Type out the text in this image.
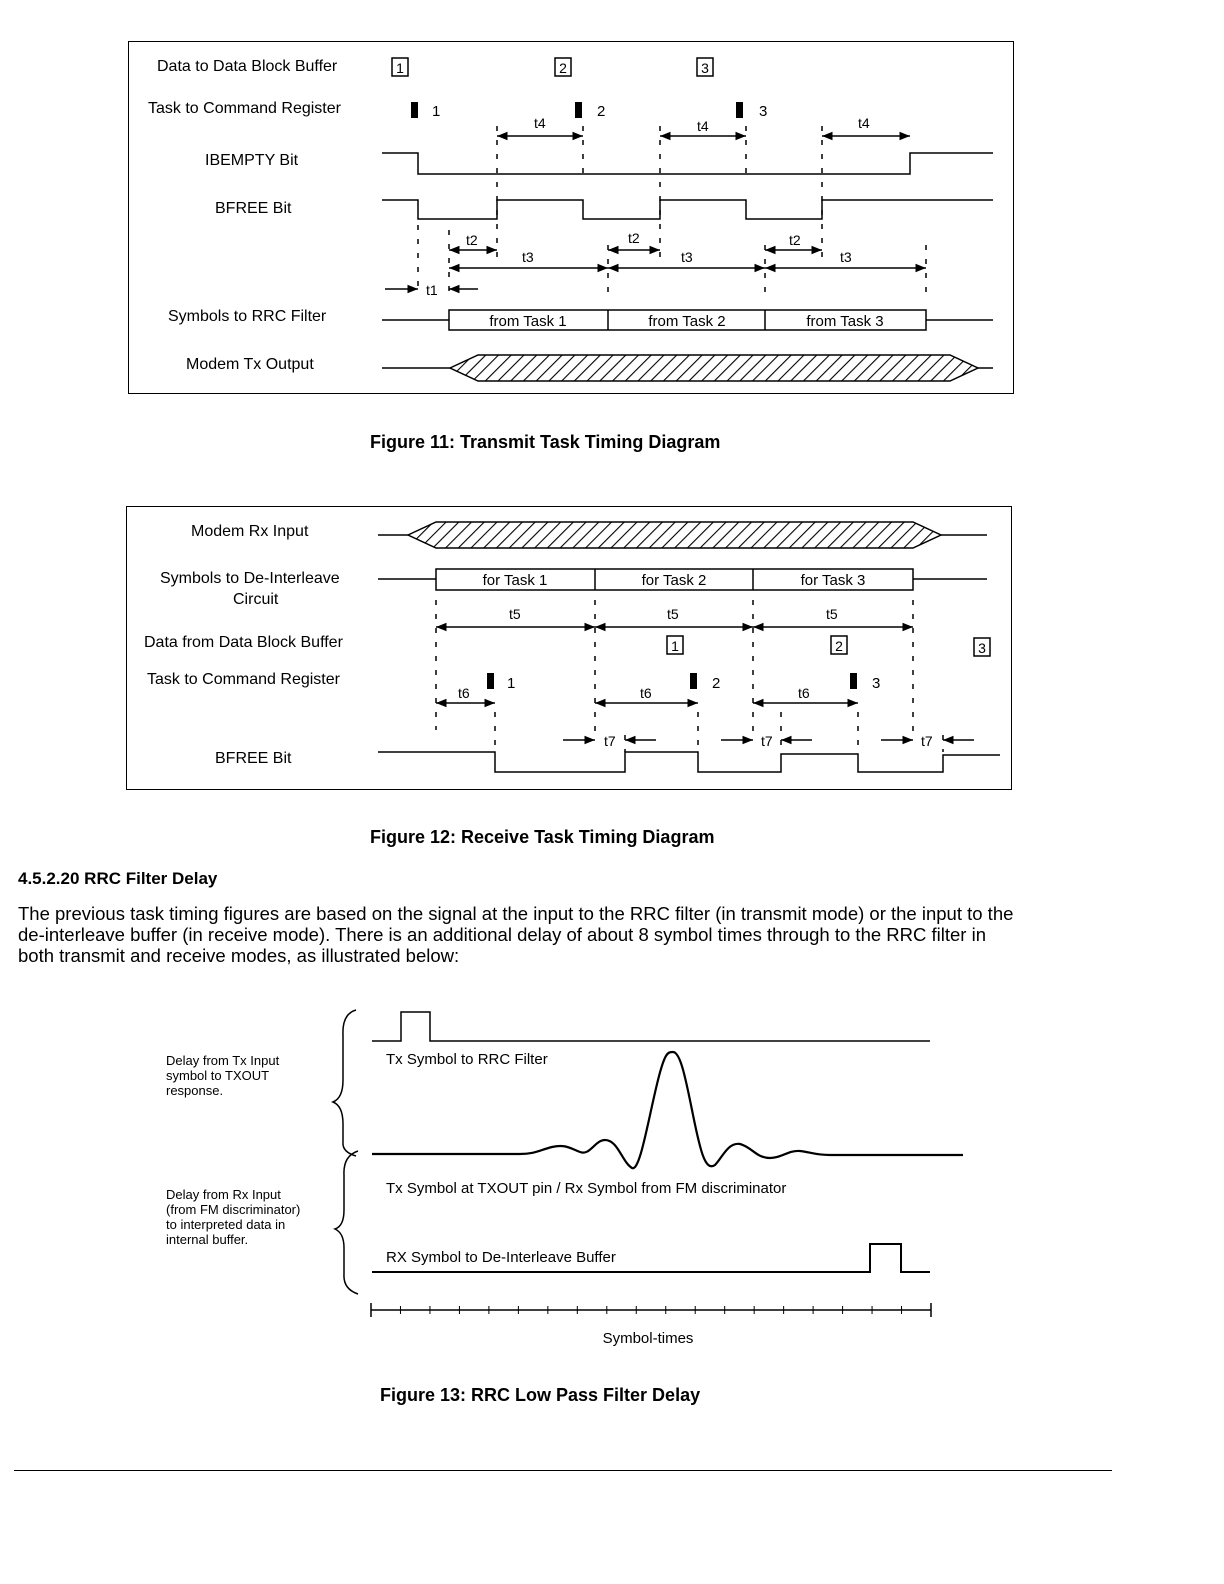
Data to Data Block Buffer
Task to Command Register
IBEMPTY Bit
BFREE Bit
Symbols to RRC Filter
Modem Tx Output
1	2	3
1	2	3
t4	t4	t4
t2	t2	t2
t3	t3	t3
t1
from Task 1	from Task 2	from Task 3
Figure 11: Transmit Task Timing Diagram
Modem Rx Input
Symbols to De-Interleave
Circuit
Data from Data Block Buffer
Task to Command Register
BFREE Bit
for Task 1	for Task 2	for Task 3
t5	t5	t5
1	2	3
1	2	3
t6	t6	t6
t7	t7	t7
Figure 12: Receive Task Timing Diagram
4.5.2.20 RRC Filter Delay
The previous task timing figures are based on the signal at the input to the RRC filter (in transmit mode) or the input to the
de-interleave buffer (in receive mode). There is an additional delay of about 8 symbol times through to the RRC filter in
both transmit and receive modes, as illustrated below:
Delay from Tx Input
symbol to TXOUT
response.
Delay from Rx Input
(from FM discriminator)
to interpreted data in
internal buffer.
Tx Symbol to RRC Filter
Tx Symbol at TXOUT pin / Rx Symbol from FM discriminator
RX Symbol to De-Interleave Buffer
Symbol-times
Figure 13: RRC Low Pass Filter Delay
